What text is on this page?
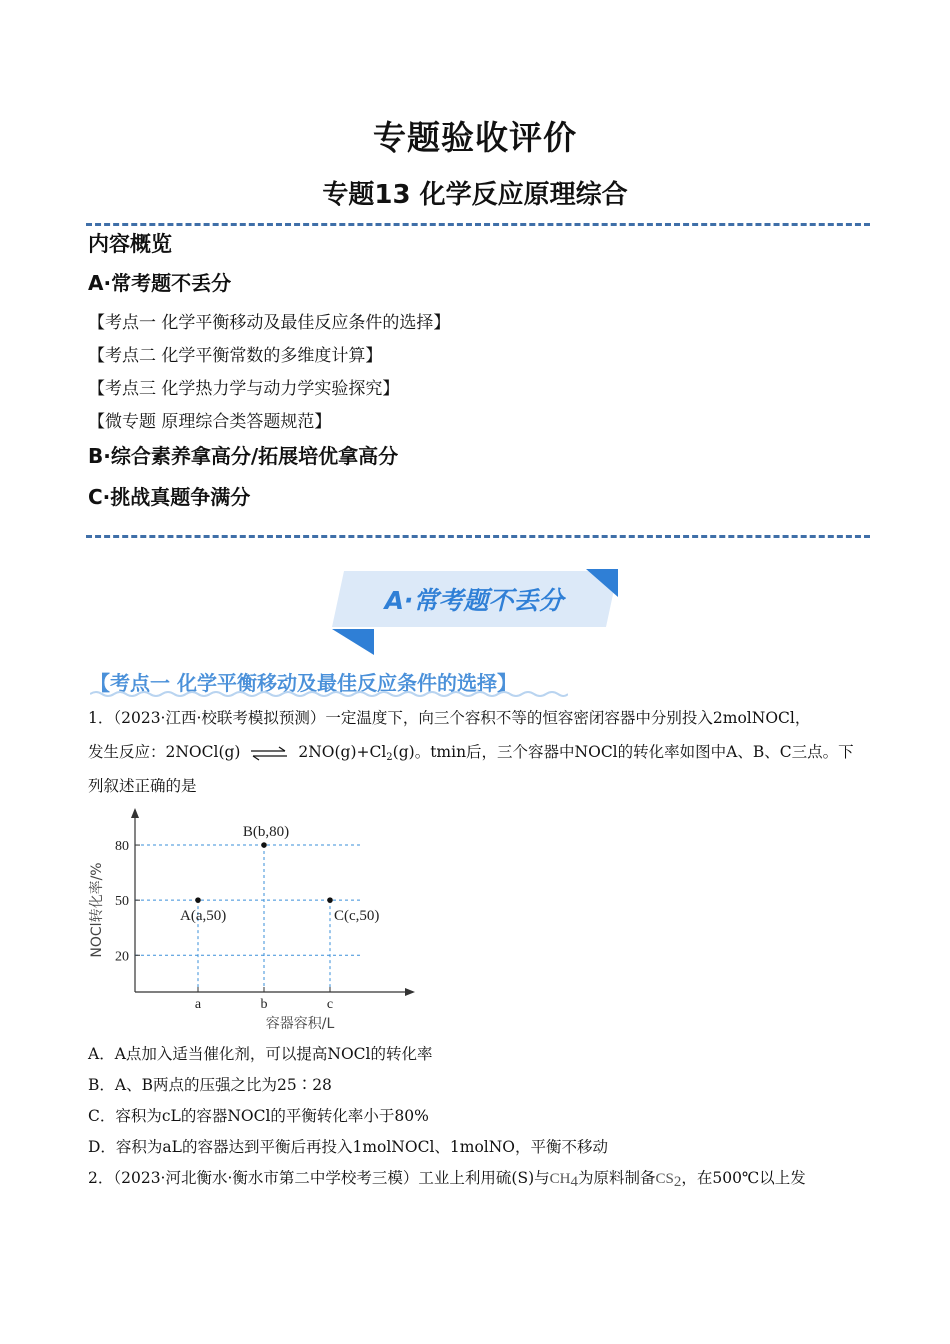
专题验收评价
专题13 化学反应原理综合
内容概览
A·常考题不丢分
【考点一 化学平衡移动及最佳反应条件的选择】
【考点二 化学平衡常数的多维度计算】
【考点三 化学热力学与动力学实验探究】
【微专题 原理综合类答题规范】
B·综合素养拿高分/拓展培优拿高分
C·挑战真题争满分
A·常考题不丢分
【考点一 化学平衡移动及最佳反应条件的选择】
1．（2023·江西·校联考模拟预测）一定温度下，向三个容积不等的恒容密闭容器中分别投入2molNOCl，
发生反应：2NOCl(g) ⇌ $2NO(g)+Cl_2(g)$。tmin后，三个容器中NOCl的转化率如图中A、B、C三点。下
列叙述正确的是
20
50
80
a	b	c
A(a,50)
B(b,80)
C(c,50)
容器容积/L
NOCl转化率/%
A．A点加入适当催化剂，可以提高NOCl的转化率
B．A、B两点的压强之比为25∶28
C．容积为cL的容器NOCl的平衡转化率小于80%
D．容积为aL的容器达到平衡后再投入1molNOCl、1molNO，平衡不移动
2．（2023·河北衡水·衡水市第二中学校考三模）工业上利用硫(S)与CH4为原料制备CS2，在500℃以上发
